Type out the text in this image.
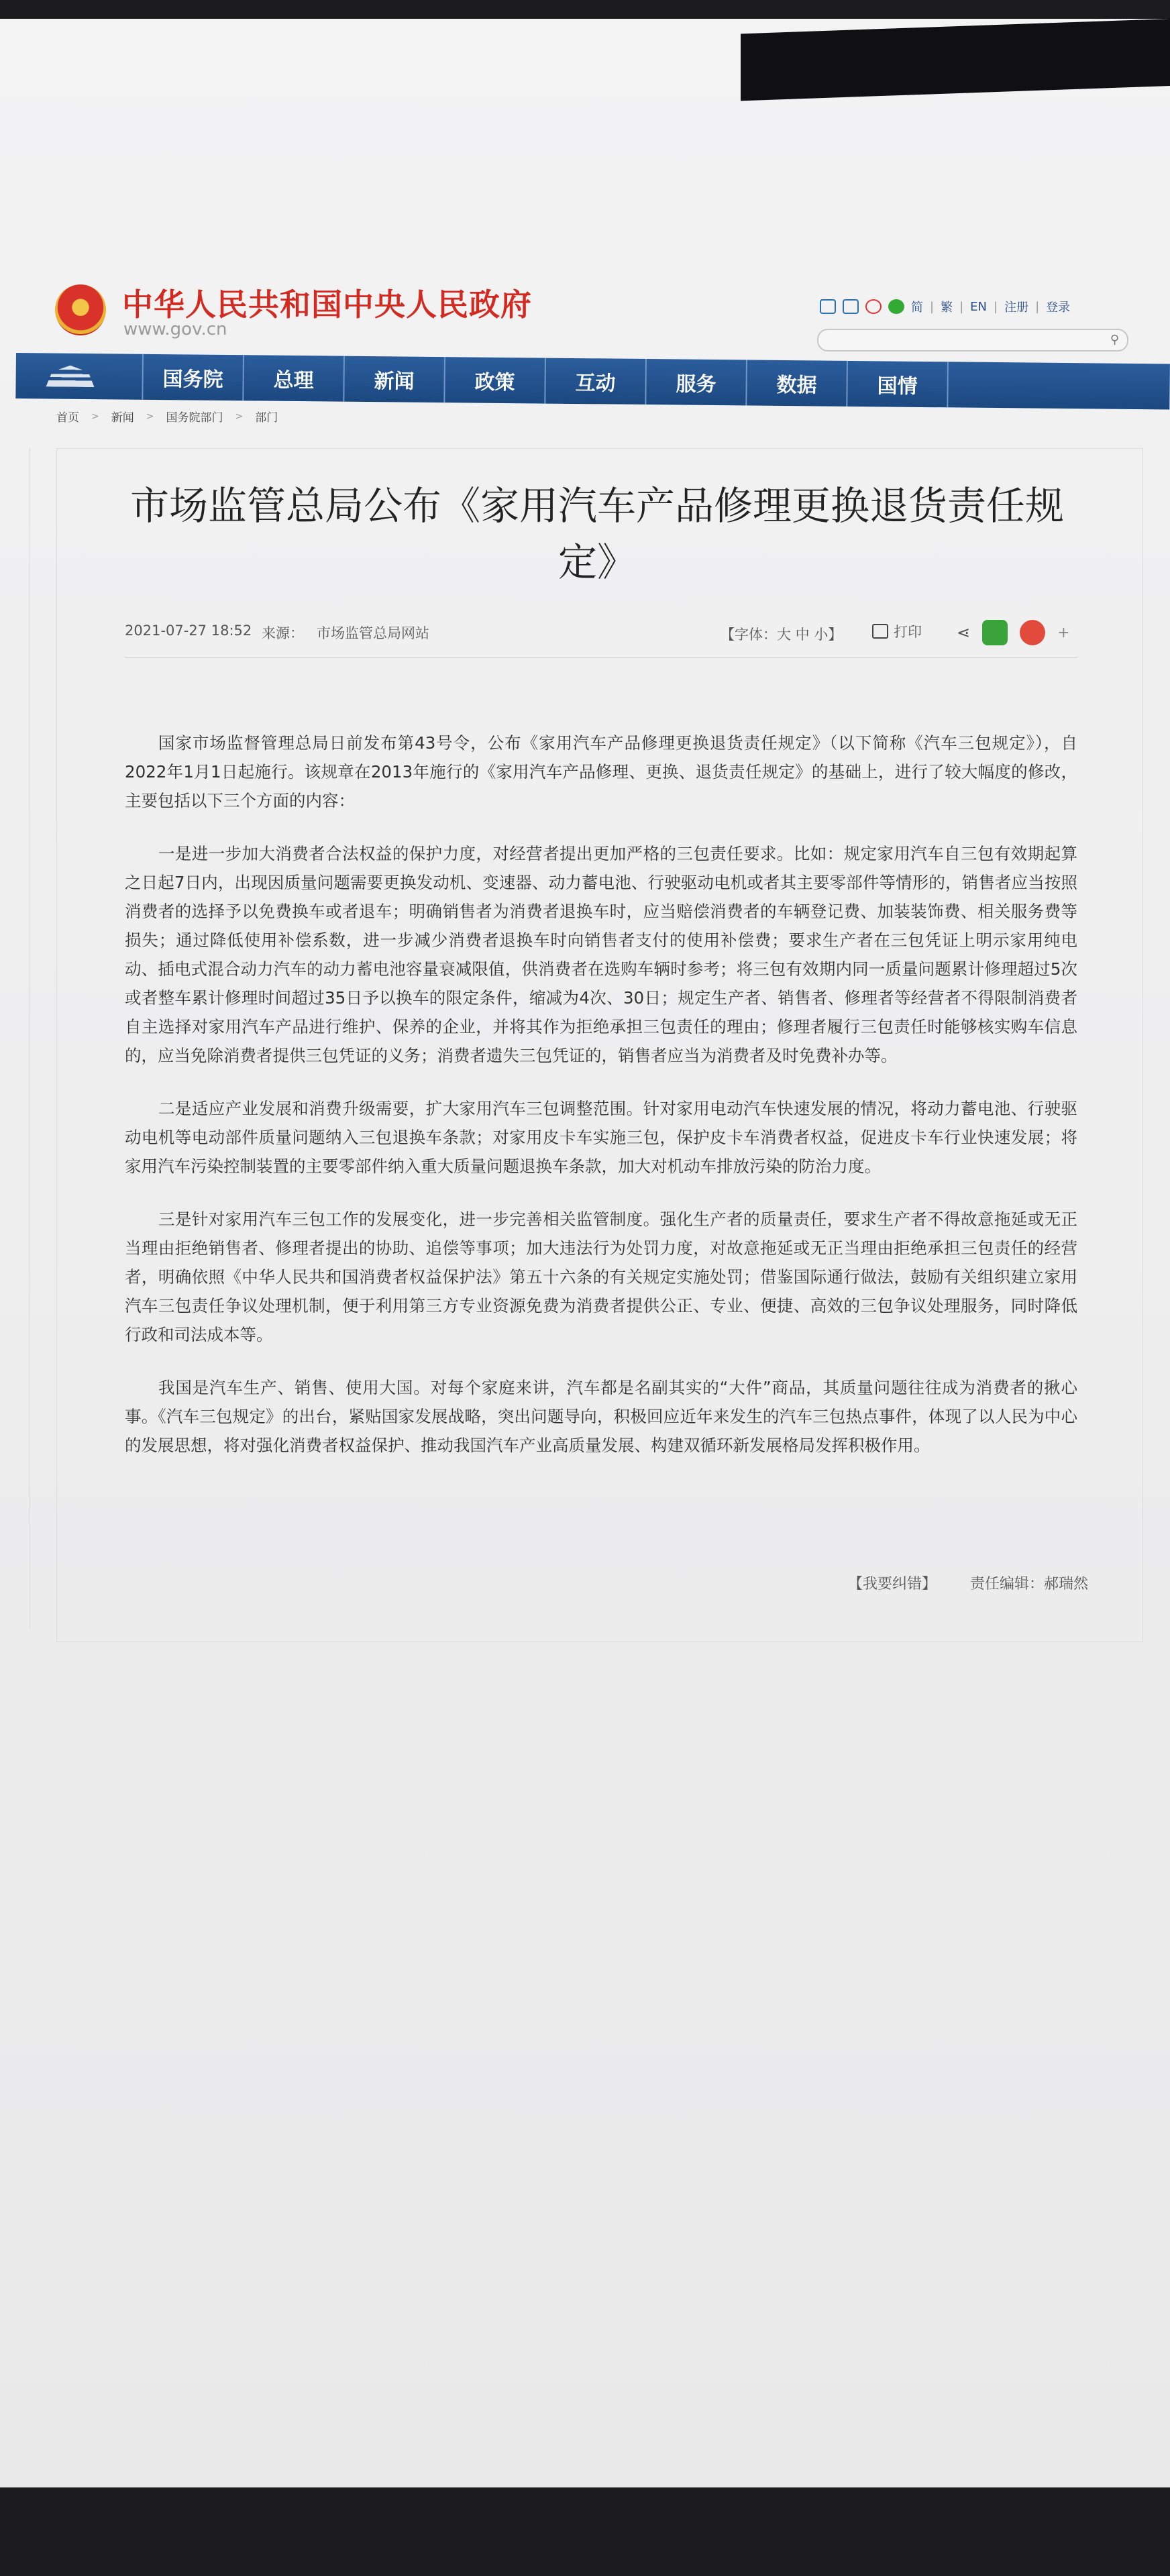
中华人民共和国中央人民政府
www.gov.cn
简 | 繁 | EN | 注册 | 登录
⚲
国务院	总理	新闻	政策	互动	服务	数据	国情
首页 > 新闻 > 国务院部门 > 部门
市场监管总局公布《家用汽车产品修理更换退货责任规定》
2021-07-27 18:52 来源： 市场监管总局网站	【字体：大 中 小】	打印 ⋖	+

国家市场监督管理总局日前发布第43号令，公布《家用汽车产品修理更换退货责任规定》（以下简称《汽车三包规定》），自2022年1月1日起施行。该规章在2013年施行的《家用汽车产品修理、更换、退货责任规定》的基础上，进行了较大幅度的修改，主要包括以下三个方面的内容：

一是进一步加大消费者合法权益的保护力度，对经营者提出更加严格的三包责任要求。比如：规定家用汽车自三包有效期起算之日起7日内，出现因质量问题需要更换发动机、变速器、动力蓄电池、行驶驱动电机或者其主要零部件等情形的，销售者应当按照消费者的选择予以免费换车或者退车；明确销售者为消费者退换车时，应当赔偿消费者的车辆登记费、加装装饰费、相关服务费等损失；通过降低使用补偿系数，进一步减少消费者退换车时向销售者支付的使用补偿费；要求生产者在三包凭证上明示家用纯电动、插电式混合动力汽车的动力蓄电池容量衰减限值，供消费者在选购车辆时参考；将三包有效期内同一质量问题累计修理超过5次或者整车累计修理时间超过35日予以换车的限定条件，缩减为4次、30日；规定生产者、销售者、修理者等经营者不得限制消费者自主选择对家用汽车产品进行维护、保养的企业，并将其作为拒绝承担三包责任的理由；修理者履行三包责任时能够核实购车信息的，应当免除消费者提供三包凭证的义务；消费者遗失三包凭证的，销售者应当为消费者及时免费补办等。

二是适应产业发展和消费升级需要，扩大家用汽车三包调整范围。针对家用电动汽车快速发展的情况，将动力蓄电池、行驶驱动电机等电动部件质量问题纳入三包退换车条款；对家用皮卡车实施三包，保护皮卡车消费者权益，促进皮卡车行业快速发展；将家用汽车污染控制装置的主要零部件纳入重大质量问题退换车条款，加大对机动车排放污染的防治力度。

三是针对家用汽车三包工作的发展变化，进一步完善相关监管制度。强化生产者的质量责任，要求生产者不得故意拖延或无正当理由拒绝销售者、修理者提出的协助、追偿等事项；加大违法行为处罚力度，对故意拖延或无正当理由拒绝承担三包责任的经营者，明确依照《中华人民共和国消费者权益保护法》第五十六条的有关规定实施处罚；借鉴国际通行做法，鼓励有关组织建立家用汽车三包责任争议处理机制，便于利用第三方专业资源免费为消费者提供公正、专业、便捷、高效的三包争议处理服务，同时降低行政和司法成本等。

我国是汽车生产、销售、使用大国。对每个家庭来讲，汽车都是名副其实的“大件”商品，其质量问题往往成为消费者的揪心事。《汽车三包规定》的出台，紧贴国家发展战略，突出问题导向，积极回应近年来发生的汽车三包热点事件，体现了以人民为中心的发展思想，将对强化消费者权益保护、推动我国汽车产业高质量发展、构建双循环新发展格局发挥积极作用。

【我要纠错】 责任编辑：郝瑞然
